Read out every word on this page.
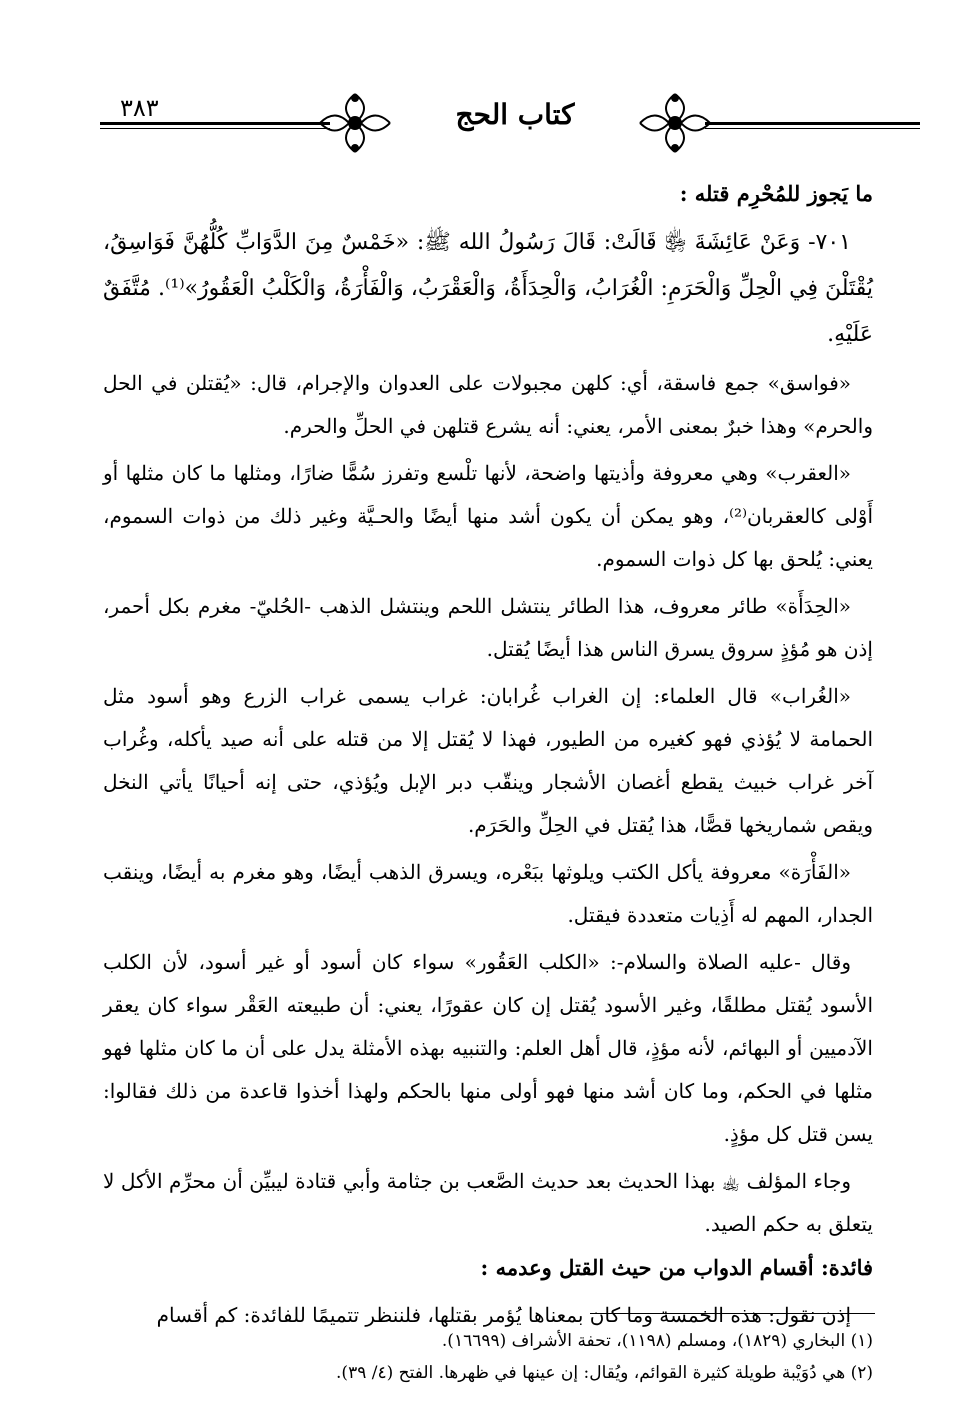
٣٨٣	كتاب الحج

ما يَجوز للمُحْرِم قتله :

٧٠١- وَعَنْ عَائِشَةَ ﵂ قَالَتْ: قَالَ رَسُولُ الله ﷺ: «خَمْسٌ مِنَ الدَّوَابِّ كُلُّهُنَّ فَوَاسِقُ، يُقْتَلْنَ فِي الْحِلِّ وَالْحَرَمِ: الْغُرَابُ، وَالْحِدَأَةُ، وَالْعَقْرَبُ، وَالْفَأْرَةُ، وَالْكَلْبُ الْعَقُورُ»⁽¹⁾. مُتَّفَقٌ عَلَيْهِ.

«فواسق» جمع فاسقة، أي: كلهن مجبولات على العدوان والإجرام، قال: «يُقتلن في الحل والحرم» وهذا خبرٌ بمعنى الأمر، يعني: أنه يشرع قتلهن في الحلِّ والحرم.

«العقرب» وهي معروفة وأذيتها واضحة، لأنها تلْسع وتفرز سُمًّا ضارًا، ومثلها ما كان مثلها أو أَوْلى كالعقربان⁽²⁾، وهو يمكن أن يكون أشد منها أيضًا والحـيَّة وغير ذلك من ذوات السموم، يعني: يُلحق بها كل ذوات السموم.

«الحِدَأَة» طائر معروف، هذا الطائر ينتشل اللحم وينتشل الذهب -الحُليّ- مغرم بكل أحمر، إذن هو مُؤذٍ سروق يسرق الناس هذا أيضًا يُقتل.

«الغُراب» قال العلماء: إن الغراب غُرابان: غراب يسمى غراب الزرع وهو أسود مثل الحمامة لا يُؤذي فهو كغيره من الطيور، فهذا لا يُقتل إلا من قتله على أنه صيد يأكله، وغُراب آخر غراب خبيث يقطع أغصان الأشجار وينقّب دبر الإبل ويُؤذي، حتى إنه أحيانًا يأتي النخل ويقص شماريخها قصًّا، هذا يُقتل في الحِلِّ والحَرَم.

«الفَأْرَة» معروفة يأكل الكتب ويلوثها ببَعْره، ويسرق الذهب أيضًا، وهو مغرم به أيضًا، وينقب الجدار، المهم له أَذِيات متعددة فيقتل.

وقال -عليه الصلاة والسلام-: «الكلب العَقُور» سواء كان أسود أو غير أسود، لأن الكلب الأسود يُقتل مطلقًا، وغير الأسود يُقتل إن كان عقورًا، يعني: أن طبيعته العَقْر سواء كان يعقر الآدميين أو البهائم، لأنه مؤذٍ، قال أهل العلم: والتنبيه بهذه الأمثلة يدل على أن ما كان مثلها فهو مثلها في الحكم، وما كان أشد منها فهو أولى منها بالحكم ولهذا أخذوا قاعدة من ذلك فقالوا: يسن قتل كل مؤذٍ.

وجاء المؤلف ﵀ بهذا الحديث بعد حديث الصَّعب بن جثامة وأبي قتادة ليبيِّن أن محرِّم الأكل لا يتعلق به حكم الصيد.

فائدة: أقسام الدواب من حيث القتل وعدمه :

إذن نقول: هذه الخمسة وما كان بمعناها يُؤمر بقتلها، فلننظر تتميمًا للفائدة: كم أقسام

(١) البخاري (١٨٢٩)، ومسلم (١١٩٨)، تحفة الأشراف (١٦٦٩٩).

(٢) هي دُوَيْبة طويلة كثيرة القوائم، ويُقال: إن عينها في ظهرها. الفتح (٤/ ٣٩).
